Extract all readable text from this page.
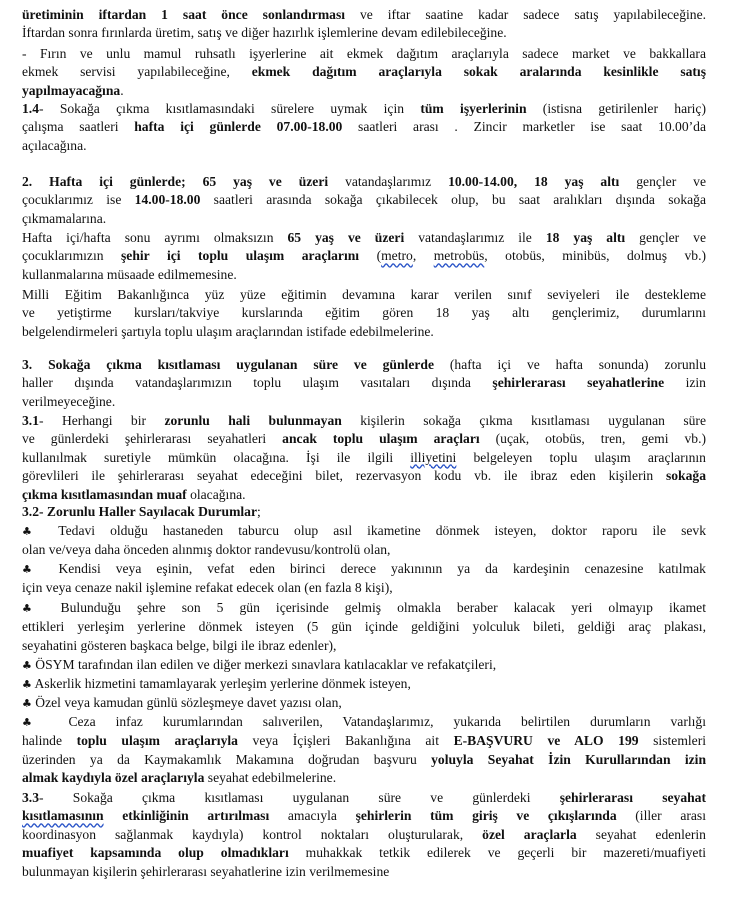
üretiminin iftardan 1 saat önce sonlandırması ve iftar saatine kadar sadece satış yapılabileceğine.
İftardan sonra fırınlarda üretim, satış ve diğer hazırlık işlemlerine devam edilebileceğine.
- Fırın ve unlu mamul ruhsatlı işyerlerine ait ekmek dağıtım araçlarıyla sadece market ve bakkallara
ekmek servisi yapılabileceğine, ekmek dağıtım araçlarıyla sokak aralarında kesinlikle satış
yapılmayacağına.
1.4- Sokağa çıkma kısıtlamasındaki sürelere uymak için tüm işyerlerinin (istisna getirilenler hariç)
çalışma saatleri hafta içi günlerde 07.00-18.00 saatleri arası . Zincir marketler ise saat 10.00’da
açılacağına.
2. Hafta içi günlerde; 65 yaş ve üzeri vatandaşlarımız 10.00-14.00, 18 yaş altı gençler ve
çocuklarımız ise 14.00-18.00 saatleri arasında sokağa çıkabilecek olup, bu saat aralıkları dışında sokağa
çıkmamalarına.
Hafta içi/hafta sonu ayrımı olmaksızın 65 yaş ve üzeri vatandaşlarımız ile 18 yaş altı gençler ve
çocuklarımızın şehir içi toplu ulaşım araçlarını (metro, metrobüs, otobüs, minibüs, dolmuş vb.)
kullanmalarına müsaade edilmemesine.
Milli Eğitim Bakanlığınca yüz yüze eğitimin devamına karar verilen sınıf seviyeleri ile destekleme
ve yetiştirme kursları/takviye kurslarında eğitim gören 18 yaş altı gençlerimiz, durumlarını
belgelendirmeleri şartıyla toplu ulaşım araçlarından istifade edebilmelerine.
3. Sokağa çıkma kısıtlaması uygulanan süre ve günlerde (hafta içi ve hafta sonunda) zorunlu
haller dışında vatandaşlarımızın toplu ulaşım vasıtaları dışında şehirlerarası seyahatlerine izin
verilmeyeceğine.
3.1- Herhangi bir zorunlu hali bulunmayan kişilerin sokağa çıkma kısıtlaması uygulanan süre
ve günlerdeki şehirlerarası seyahatleri ancak toplu ulaşım araçları (uçak, otobüs, tren, gemi vb.)
kullanılmak suretiyle mümkün olacağına. İşi ile ilgili illiyetini belgeleyen toplu ulaşım araçlarının
görevlileri ile şehirlerarası seyahat edeceğini bilet, rezervasyon kodu vb. ile ibraz eden kişilerin sokağa
çıkma kısıtlamasından muaf olacağına.
3.2- Zorunlu Haller Sayılacak Durumlar;
♣ Tedavi olduğu hastaneden taburcu olup asıl ikametine dönmek isteyen, doktor raporu ile sevk
olan ve/veya daha önceden alınmış doktor randevusu/kontrolü olan,
♣ Kendisi veya eşinin, vefat eden birinci derece yakınının ya da kardeşinin cenazesine katılmak
için veya cenaze nakil işlemine refakat edecek olan (en fazla 8 kişi),
♣ Bulunduğu şehre son 5 gün içerisinde gelmiş olmakla beraber kalacak yeri olmayıp ikamet
ettikleri yerleşim yerlerine dönmek isteyen (5 gün içinde geldiğini yolculuk bileti, geldiği araç plakası,
seyahatini gösteren başkaca belge, bilgi ile ibraz edenler),
♣ ÖSYM tarafından ilan edilen ve diğer merkezi sınavlara katılacaklar ve refakatçileri,
♣ Askerlik hizmetini tamamlayarak yerleşim yerlerine dönmek isteyen,
♣ Özel veya kamudan günlü sözleşmeye davet yazısı olan,
♣ Ceza infaz kurumlarından salıverilen, Vatandaşlarımız, yukarıda belirtilen durumların varlığı
halinde toplu ulaşım araçlarıyla veya İçişleri Bakanlığına ait E-BAŞVURU ve ALO 199 sistemleri
üzerinden ya da Kaymakamlık Makamına doğrudan başvuru yoluyla Seyahat İzin Kurullarından izin
almak kaydıyla özel araçlarıyla seyahat edebilmelerine.
3.3- Sokağa çıkma kısıtlaması uygulanan süre ve günlerdeki şehirlerarası seyahat
kısıtlamasının etkinliğinin artırılması amacıyla şehirlerin tüm giriş ve çıkışlarında (iller arası
koordinasyon sağlanmak kaydıyla) kontrol noktaları oluşturularak, özel araçlarla seyahat edenlerin
muafiyet kapsamında olup olmadıkları muhakkak tetkik edilerek ve geçerli bir mazereti/muafiyeti
bulunmayan kişilerin şehirlerarası seyahatlerine izin verilmemesine
